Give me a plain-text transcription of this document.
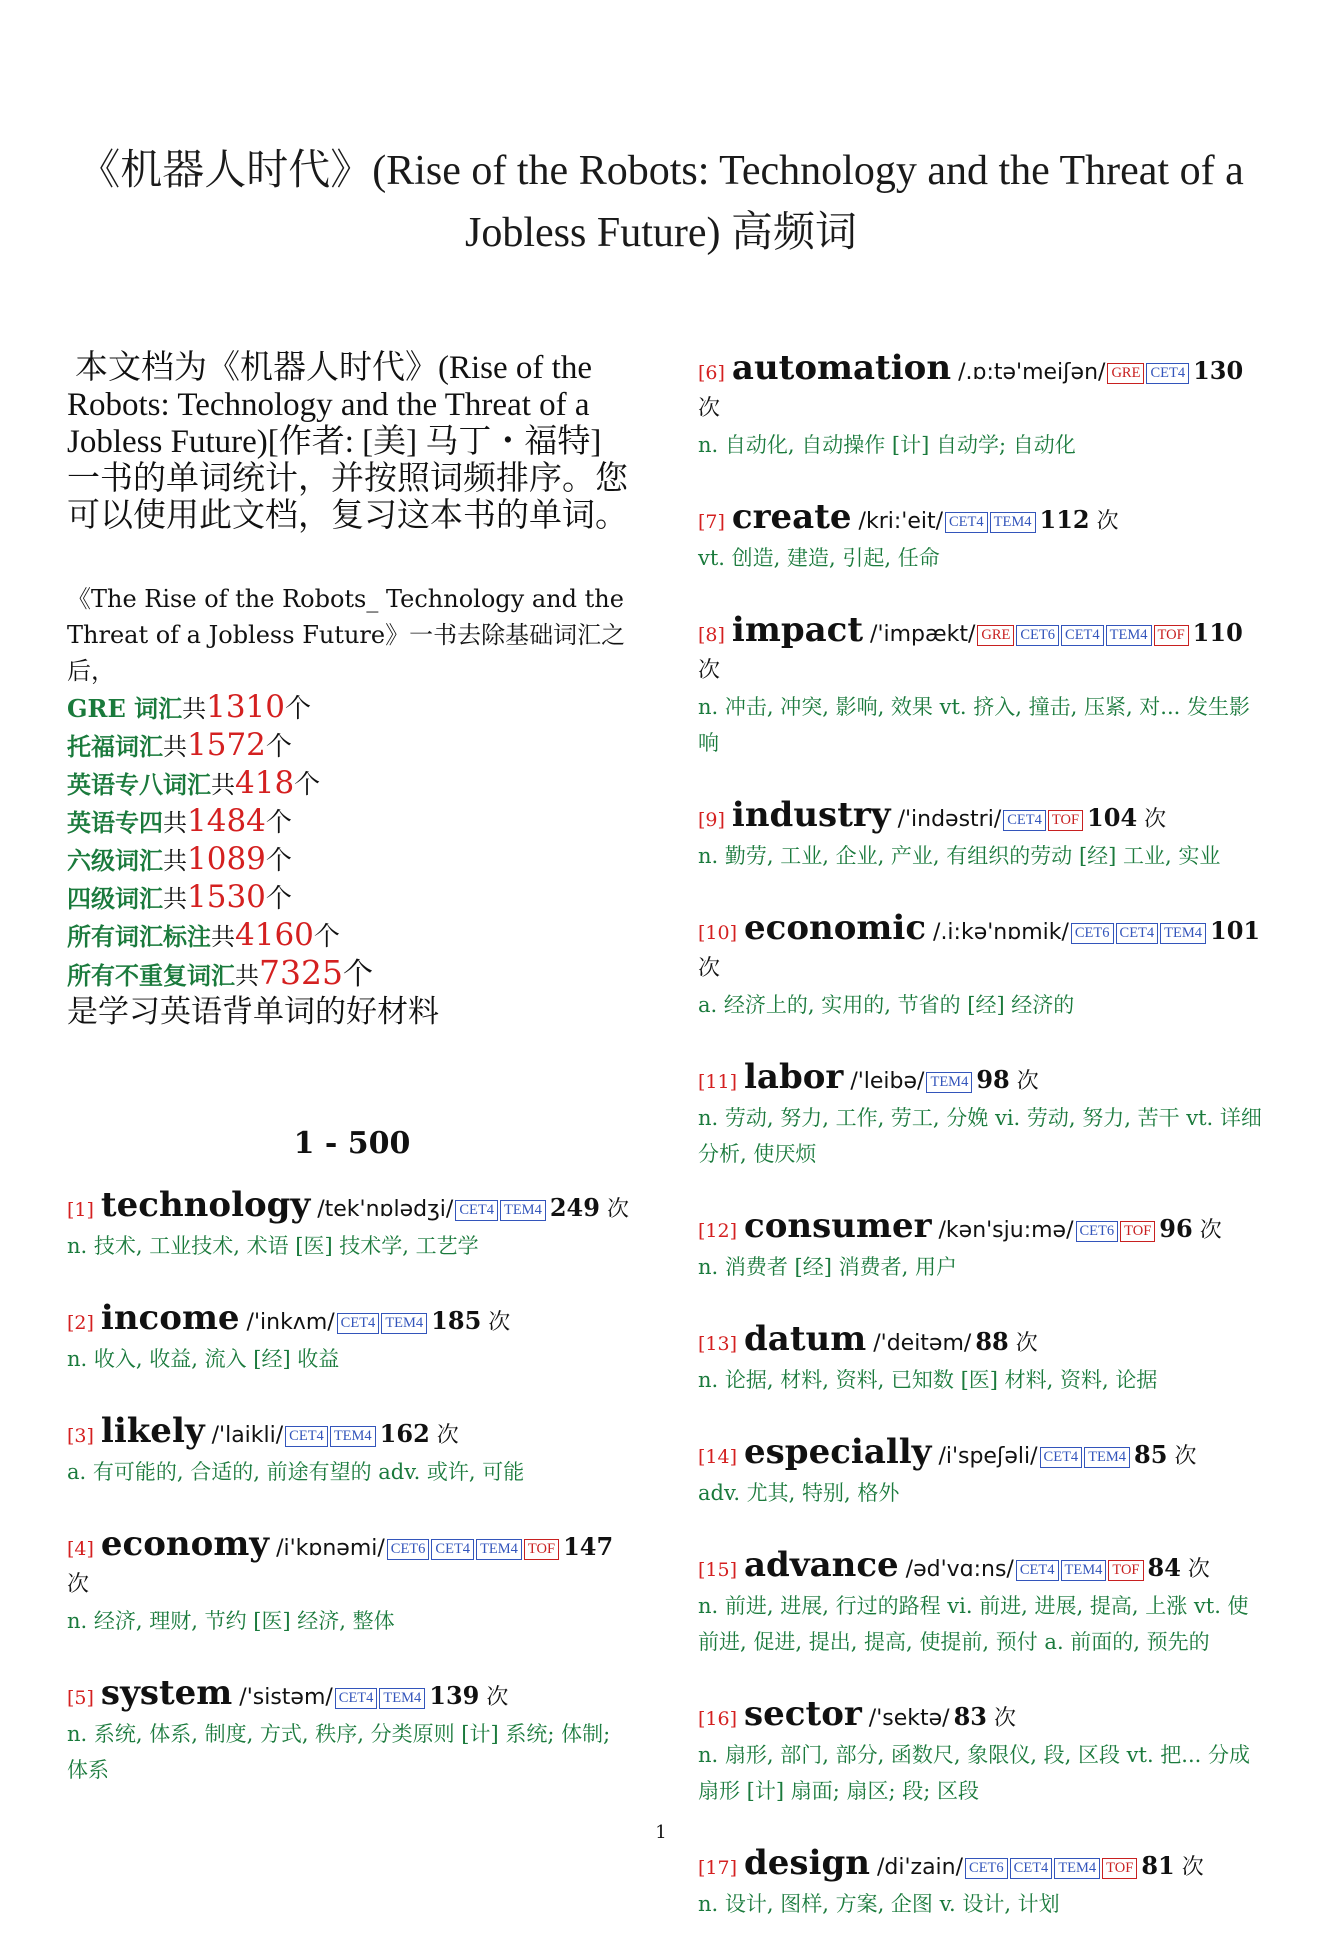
《机器人时代》(Rise of the Robots: Technology and the Threat of a Jobless Future) 高频词

本文档为《机器人时代》(Rise of the Robots: Technology and the Threat of a Jobless Future)[作者: [美] 马丁・福特] 一书的单词统计，并按照词频排序。您可以使用此文档，复习这本书的单词。

《The Rise of the Robots_ Technology and the Threat of a Jobless Future》一书去除基础词汇之后，
GRE 词汇共1310个
托福词汇共1572个
英语专八词汇共418个
英语专四共1484个
六级词汇共1089个
四级词汇共1530个
所有词汇标注共4160个
所有不重复词汇共7325个
是学习英语背单词的好材料
1 - 500
[1] technology /tek'nɒlədʒi/ CET4 TEM4 249 次
n. 技术, 工业技术, 术语 [医] 技术学, 工艺学
[2] income /'inkʌm/ CET4 TEM4 185 次
n. 收入, 收益, 流入 [经] 收益
[3] likely /'laikli/ CET4 TEM4 162 次
a. 有可能的, 合适的, 前途有望的 adv. 或许, 可能
[4] economy /i'kɒnəmi/ CET6 CET4 TEM4 TOF 147 次
n. 经济, 理财, 节约 [医] 经济, 整体
[5] system /'sistəm/ CET4 TEM4 139 次
n. 系统, 体系, 制度, 方式, 秩序, 分类原则 [计] 系统; 体制; 体系
[6] automation /.ɒ:tə'meiʃən/ GRE CET4 130 次
n. 自动化, 自动操作 [计] 自动学; 自动化
[7] create /kri:'eit/ CET4 TEM4 112 次
vt. 创造, 建造, 引起, 任命
[8] impact /'impækt/ GRE CET6 CET4 TEM4 TOF 110 次
n. 冲击, 冲突, 影响, 效果 vt. 挤入, 撞击, 压紧, 对... 发生影响
[9] industry /'indəstri/ CET4 TOF 104 次
n. 勤劳, 工业, 企业, 产业, 有组织的劳动 [经] 工业, 实业
[10] economic /.i:kə'nɒmik/ CET6 CET4 TEM4 101 次
a. 经济上的, 实用的, 节省的 [经] 经济的
[11] labor /'leibə/ TEM4 98 次
n. 劳动, 努力, 工作, 劳工, 分娩 vi. 劳动, 努力, 苦干 vt. 详细分析, 使厌烦
[12] consumer /kən'sju:mə/ CET6 TOF 96 次
n. 消费者 [经] 消费者, 用户
[13] datum /'deitəm/ 88 次
n. 论据, 材料, 资料, 已知数 [医] 材料, 资料, 论据
[14] especially /i'speʃəli/ CET4 TEM4 85 次
adv. 尤其, 特别, 格外
[15] advance /əd'vɑ:ns/ CET4 TEM4 TOF 84 次
n. 前进, 进展, 行过的路程 vi. 前进, 进展, 提高, 上涨 vt. 使前进, 促进, 提出, 提高, 使提前, 预付 a. 前面的, 预先的
[16] sector /'sektə/ 83 次
n. 扇形, 部门, 部分, 函数尺, 象限仪, 段, 区段 vt. 把... 分成扇形 [计] 扇面; 扇区; 段; 区段
[17] design /di'zain/ CET6 CET4 TEM4 TOF 81 次
n. 设计, 图样, 方案, 企图 v. 设计, 计划
1
